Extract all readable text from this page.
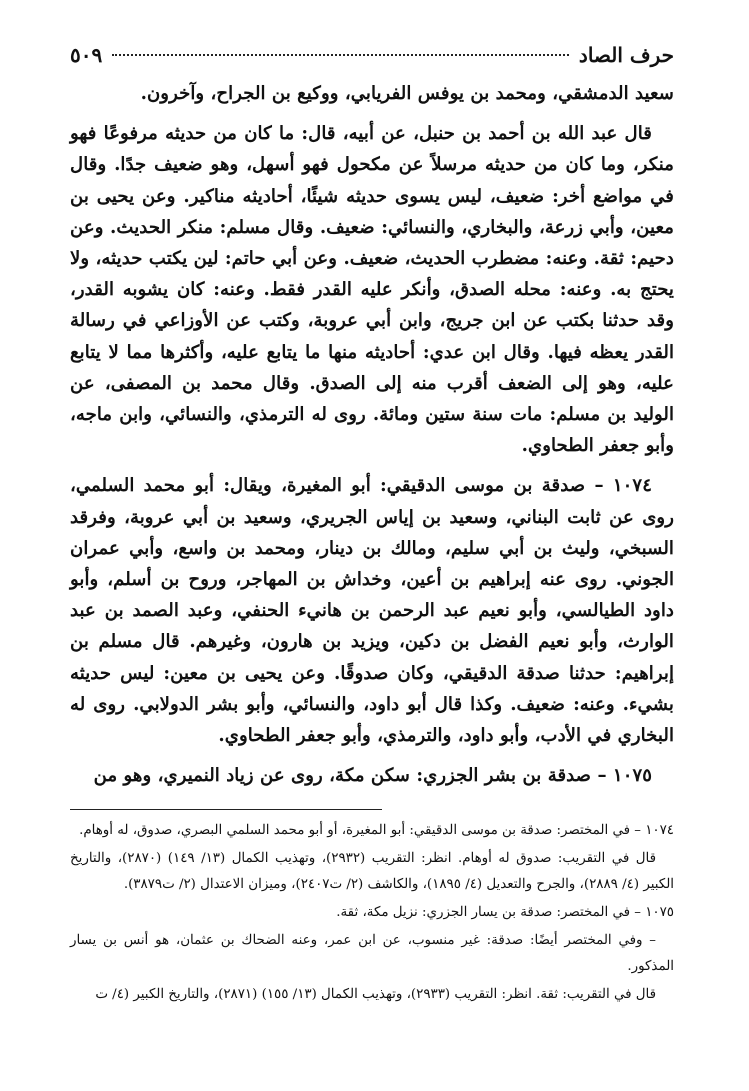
حرف الصاد
٥٠٩

سعيد الدمشقي، ومحمد بن يوفس الفريابي، ووكيع بن الجراح، وآخرون.

قال عبد الله بن أحمد بن حنبل، عن أبيه، قال: ما كان من حديثه مرفوعًا فهو منكر، وما كان من حديثه مرسلاً عن مكحول فهو أسهل، وهو ضعيف جدًا. وقال في مواضع أخر: ضعيف، ليس يسوى حديثه شيئًا، أحاديثه مناكير. وعن يحيى بن معين، وأبي زرعة، والبخاري، والنسائي: ضعيف. وقال مسلم: منكر الحديث. وعن دحيم: ثقة. وعنه: مضطرب الحديث، ضعيف. وعن أبي حاتم: لين يكتب حديثه، ولا يحتج به. وعنه: محله الصدق، وأنكر عليه القدر فقط. وعنه: كان يشوبه القدر، وقد حدثنا بكتب عن ابن جريج، وابن أبي عروبة، وكتب عن الأوزاعي في رسالة القدر يعظه فيها. وقال ابن عدي: أحاديثه منها ما يتابع عليه، وأكثرها مما لا يتابع عليه، وهو إلى الضعف أقرب منه إلى الصدق. وقال محمد بن المصفى، عن الوليد بن مسلم: مات سنة ستين ومائة. روى له الترمذي، والنسائي، وابن ماجه، وأبو جعفر الطحاوي.

١٠٧٤ – صدقة بن موسى الدقيقي: أبو المغيرة، ويقال: أبو محمد السلمي، روى عن ثابت البناني، وسعيد بن إياس الجريري، وسعيد بن أبي عروبة، وفرقد السبخي، وليث بن أبي سليم، ومالك بن دينار، ومحمد بن واسع، وأبي عمران الجوني. روى عنه إبراهيم بن أعين، وخداش بن المهاجر، وروح بن أسلم، وأبو داود الطيالسي، وأبو نعيم عبد الرحمن بن هانيء الحنفي، وعبد الصمد بن عبد الوارث، وأبو نعيم الفضل بن دكين، ويزيد بن هارون، وغيرهم. قال مسلم بن إبراهيم: حدثنا صدقة الدقيقي، وكان صدوقًا. وعن يحيى بن معين: ليس حديثه بشيء. وعنه: ضعيف. وكذا قال أبو داود، والنسائي، وأبو بشر الدولابي. روى له البخاري في الأدب، وأبو داود، والترمذي، وأبو جعفر الطحاوي.

١٠٧٥ – صدقة بن بشر الجزري: سكن مكة، روى عن زياد النميري، وهو من

١٠٧٤ – في المختصر: صدقة بن موسى الدقيقي: أبو المغيرة، أو أبو محمد السلمي البصري، صدوق، له أوهام.

قال في التقريب: صدوق له أوهام. انظر: التقريب (٢٩٣٢)، وتهذيب الكمال (١٣/ ١٤٩) (٢٨٧٠)، والتاريخ الكبير (٤/ ٢٨٨٩)، والجرح والتعديل (٤/ ١٨٩٥)، والكاشف (٢/ ت٢٤٠٧)، وميزان الاعتدال (٢/ ت٣٨٧٩).

١٠٧٥ – في المختصر: صدقة بن يسار الجزري: نزيل مكة، ثقة.

– وفي المختصر أيضًا: صدقة: غير منسوب، عن ابن عمر، وعنه الضحاك بن عثمان، هو أنس بن يسار المذكور.

قال في التقريب: ثقة. انظر: التقريب (٢٩٣٣)، وتهذيب الكمال (١٣/ ١٥٥) (٢٨٧١)، والتاريخ الكبير (٤/ ت
